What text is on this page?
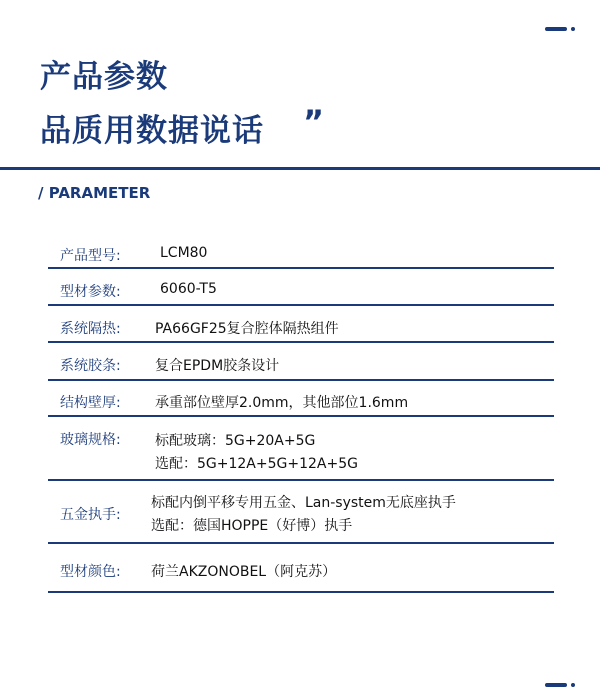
产品参数
品质用数据说话 ”
/ PARAMETER
产品型号:	LCM80
型材参数:	6060-T5
系统隔热: PA66GF25复合腔体隔热组件
系统胶条: 复合EPDM胶条设计
结构壁厚: 承重部位壁厚2.0mm，其他部位1.6mm
玻璃规格: 标配玻璃：5G+20A+5G
选配：5G+12A+5G+12A+5G
五金执手:
标配内倒平移专用五金、Lan-system无底座执手
选配：德国HOPPE（好博）执手
型材颜色: 荷兰AKZONOBEL（阿克苏）
